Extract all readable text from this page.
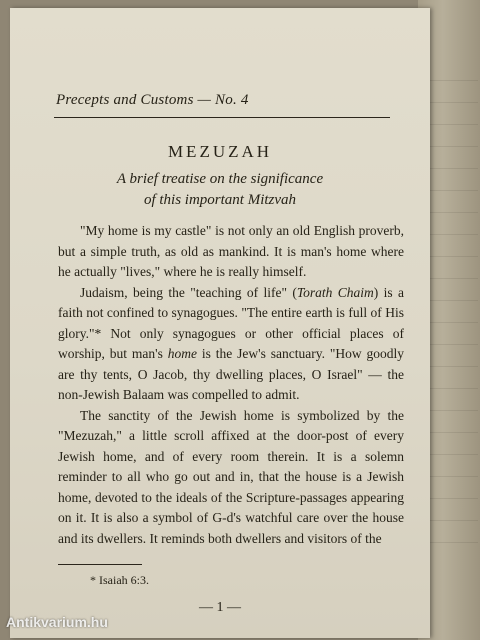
Precepts and Customs — No. 4
MEZUZAH
A brief treatise on the significance
of this important Mitzvah

"My home is my castle" is not only an old English proverb, but a simple truth, as old as mankind. It is man's home where he actually "lives," where he is really himself.

Judaism, being the "teaching of life" (Torath Chaim) is a faith not confined to synagogues. "The entire earth is full of His glory."* Not only synagogues or other official places of worship, but man's home is the Jew's sanctuary. "How goodly are thy tents, O Jacob, thy dwelling places, O Israel" — the non-Jewish Balaam was compelled to admit.

The sanctity of the Jewish home is symbolized by the "Mezuzah," a little scroll affixed at the door-post of every Jewish home, and of every room therein. It is a solemn reminder to all who go out and in, that the house is a Jewish home, devoted to the ideals of the Scripture-passages appearing on it. It is also a symbol of G-d's watchful care over the house and its dwellers. It reminds both dwellers and visitors of the

* Isaiah 6:3.
— 1 —
Antikvarium.hu
